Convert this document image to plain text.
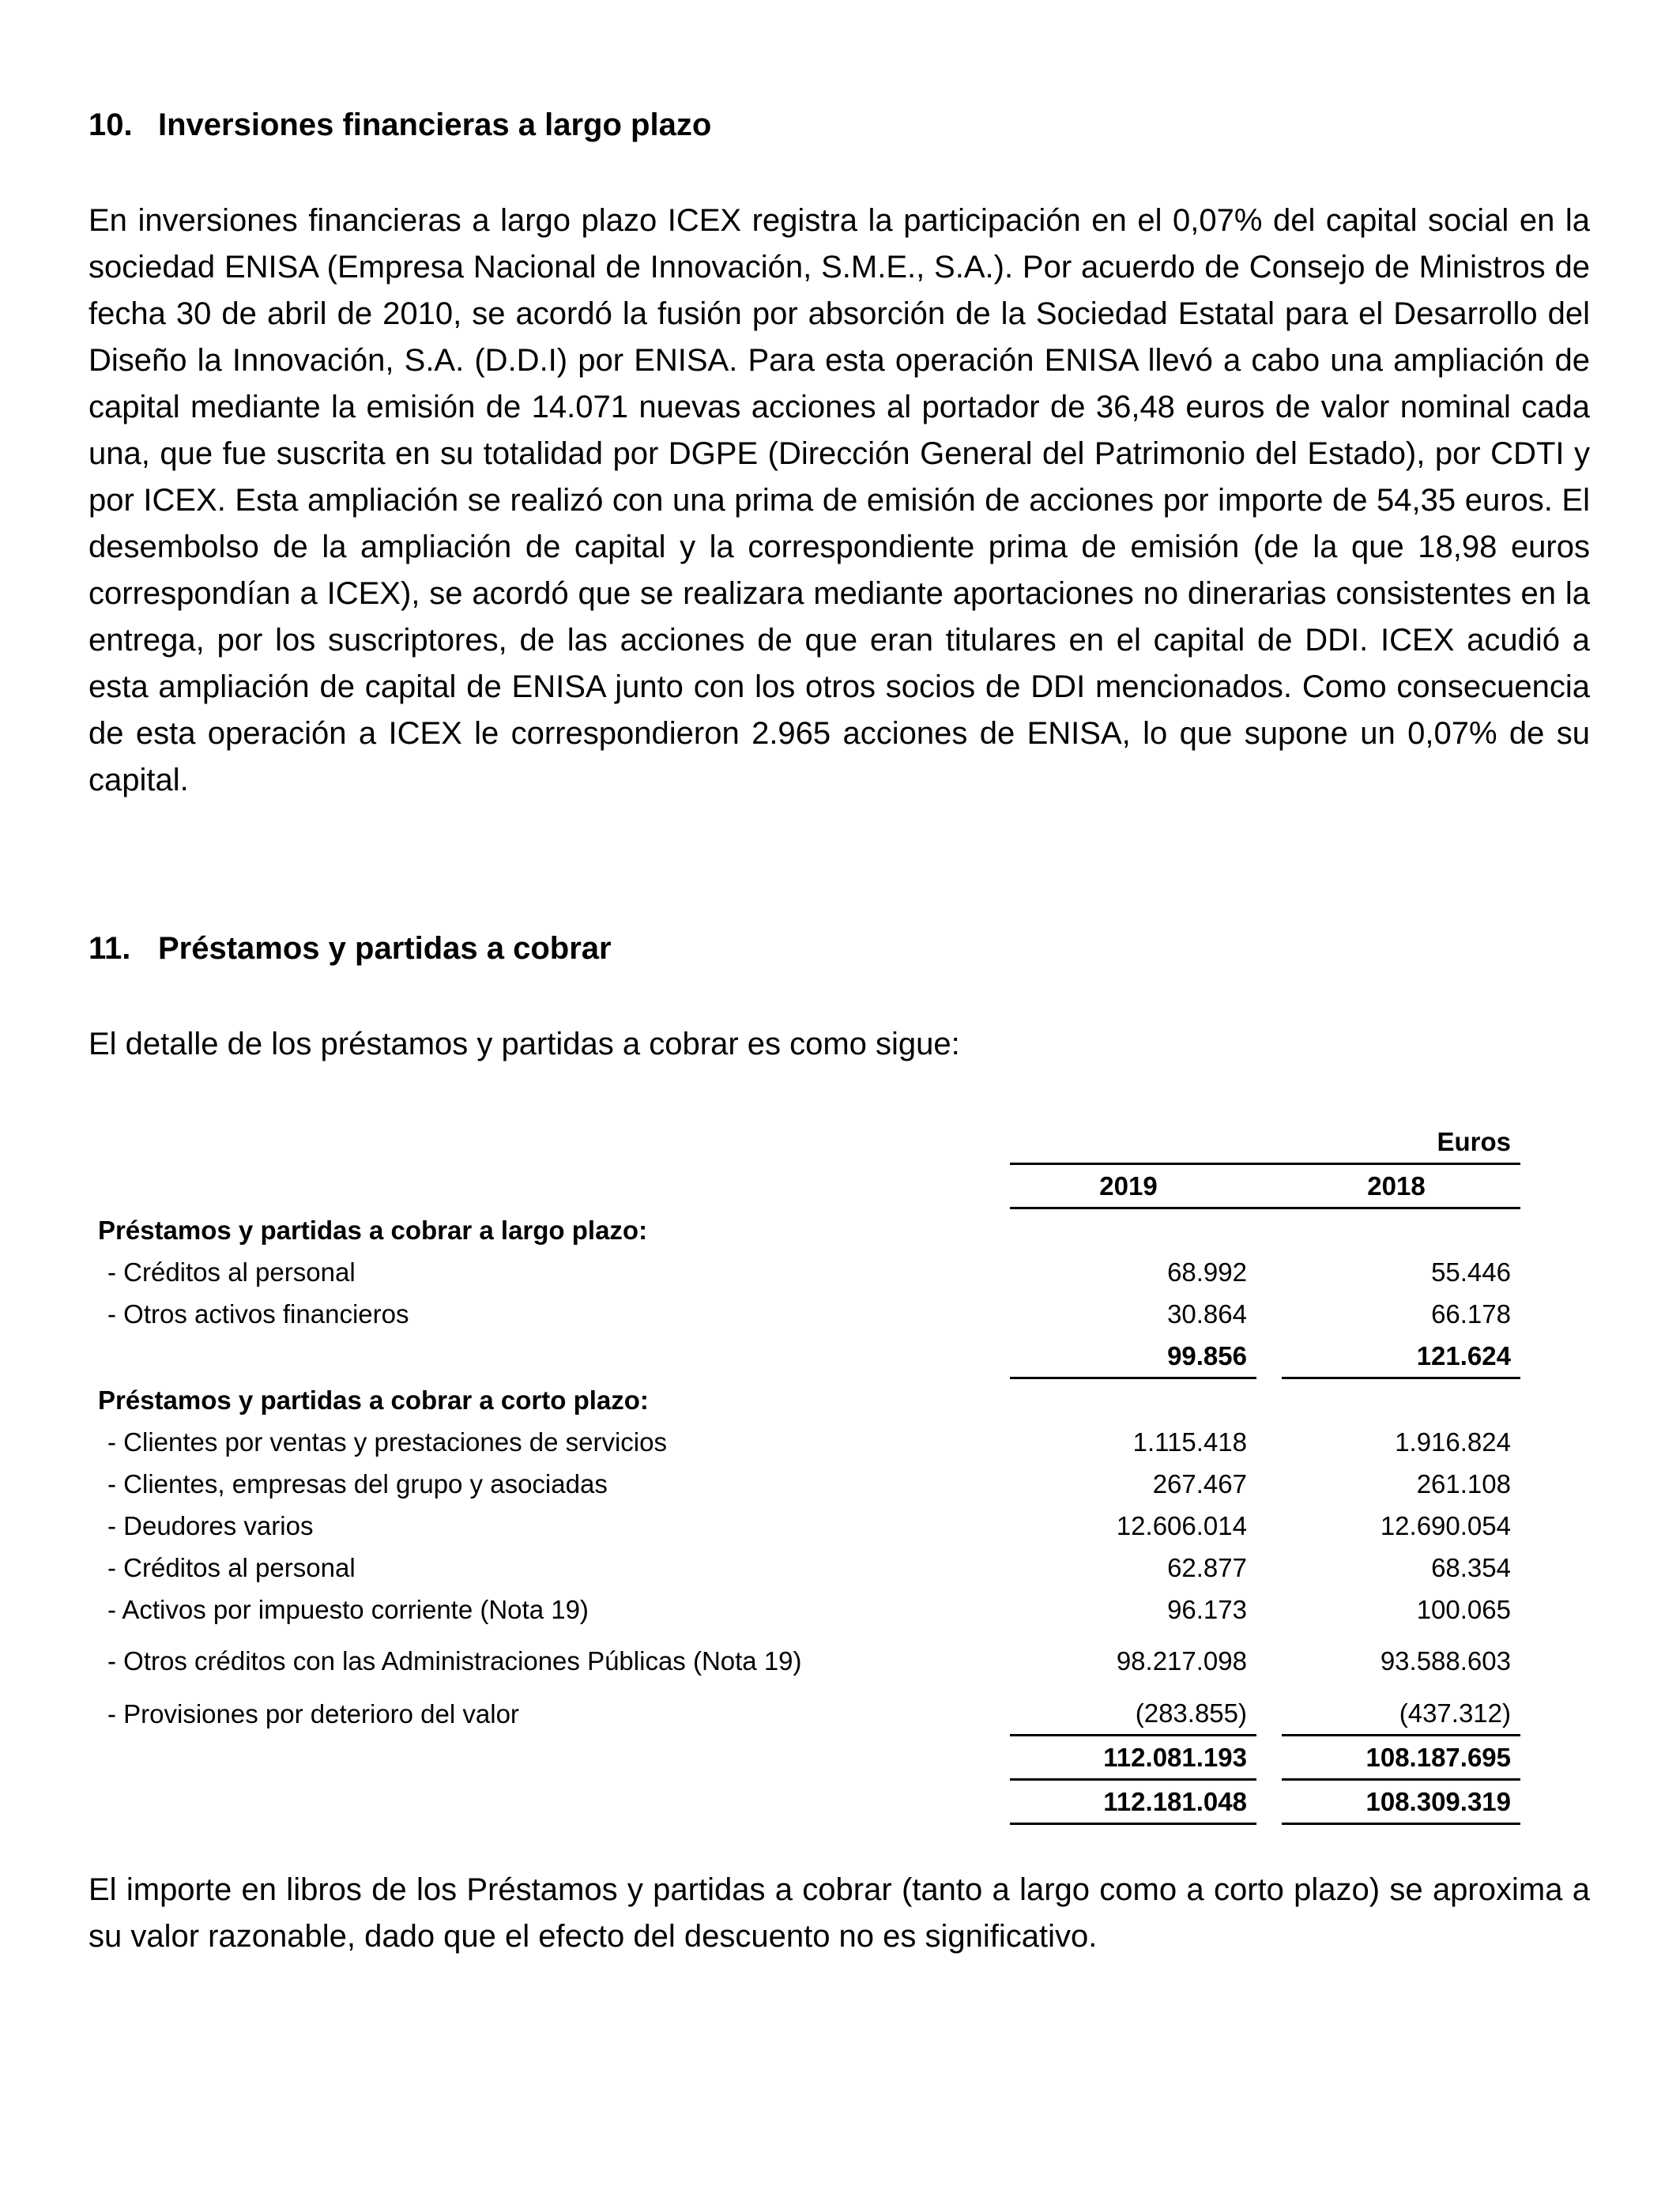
10. Inversiones financieras a largo plazo

En inversiones financieras a largo plazo ICEX registra la participación en el 0,07% del capital social en la sociedad ENISA (Empresa Nacional de Innovación, S.M.E., S.A.). Por acuerdo de Consejo de Ministros de fecha 30 de abril de 2010, se acordó la fusión por absorción de la Sociedad Estatal para el Desarrollo del Diseño la Innovación, S.A. (D.D.I) por ENISA. Para esta operación ENISA llevó a cabo una ampliación de capital mediante la emisión de 14.071 nuevas acciones al portador de 36,48 euros de valor nominal cada una, que fue suscrita en su totalidad por DGPE (Dirección General del Patrimonio del Estado), por CDTI y por ICEX. Esta ampliación se realizó con una prima de emisión de acciones por importe de 54,35 euros. El desembolso de la ampliación de capital y la correspondiente prima de emisión (de la que 18,98 euros correspondían a ICEX), se acordó que se realizara mediante aportaciones no dinerarias consistentes en la entrega, por los suscriptores, de las acciones de que eran titulares en el capital de DDI. ICEX acudió a esta ampliación de capital de ENISA junto con los otros socios de DDI mencionados. Como consecuencia de esta operación a ICEX le correspondieron 2.965 acciones de ENISA, lo que supone un 0,07% de su capital.

11. Préstamos y partidas a cobrar

El detalle de los préstamos y partidas a cobrar es como sigue:

			Euros
	2019		2018
Préstamos y partidas a cobrar a largo plazo:			
- Créditos al personal	68.992		55.446
- Otros activos financieros	30.864		66.178
	99.856		121.624
Préstamos y partidas a cobrar a corto plazo:			
- Clientes por ventas y prestaciones de servicios	1.115.418		1.916.824
- Clientes, empresas del grupo y asociadas	267.467		261.108
- Deudores varios	12.606.014		12.690.054
- Créditos al personal	62.877		68.354
- Activos por impuesto corriente (Nota 19)	96.173		100.065
- Otros créditos con las Administraciones Públicas (Nota 19)	98.217.098		93.588.603
- Provisiones por deterioro del valor	(283.855)		(437.312)
	112.081.193		108.187.695
	112.181.048		108.309.319

El importe en libros de los Préstamos y partidas a cobrar (tanto a largo como a corto plazo) se aproxima a su valor razonable, dado que el efecto del descuento no es significativo.
